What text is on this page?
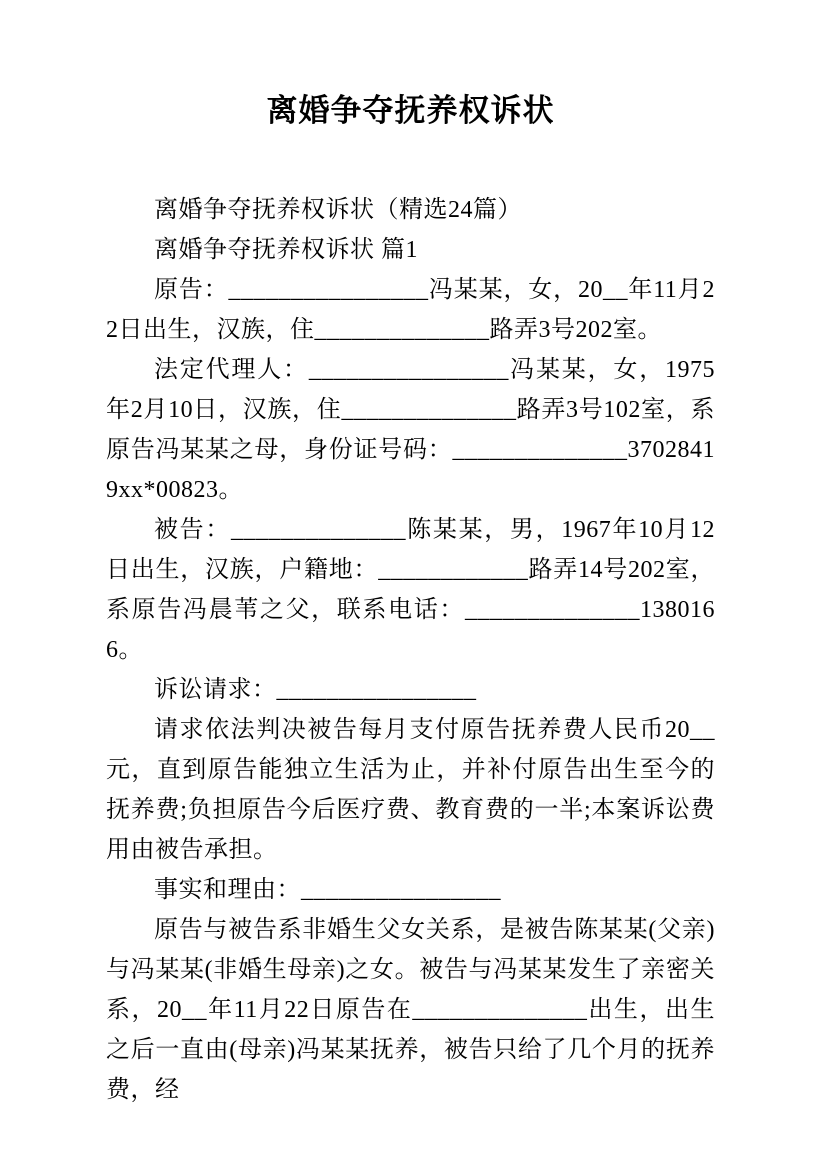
离婚争夺抚养权诉状

离婚争夺抚养权诉状（精选24篇）

离婚争夺抚养权诉状 篇1

原告：________________冯某某，女，20__年11月22日出生，汉族，住______________路弄3号202室。

法定代理人：________________冯某某，女，1975年2月10日，汉族，住______________路弄3号102室，系原告冯某某之母，身份证号码：______________37028419xx*00823。

被告：______________陈某某，男，1967年10月12日出生，汉族，户籍地：____________路弄14号202室，系原告冯晨苇之父，联系电话：______________1380166。

诉讼请求：________________

请求依法判决被告每月支付原告抚养费人民币20__元，直到原告能独立生活为止，并补付原告出生至今的抚养费;负担原告今后医疗费、教育费的一半;本案诉讼费用由被告承担。

事实和理由：________________

原告与被告系非婚生父女关系，是被告陈某某(父亲)与冯某某(非婚生母亲)之女。被告与冯某某发生了亲密关系，20__年11月22日原告在______________出生，出生之后一直由(母亲)冯某某抚养，被告只给了几个月的抚养费，经
